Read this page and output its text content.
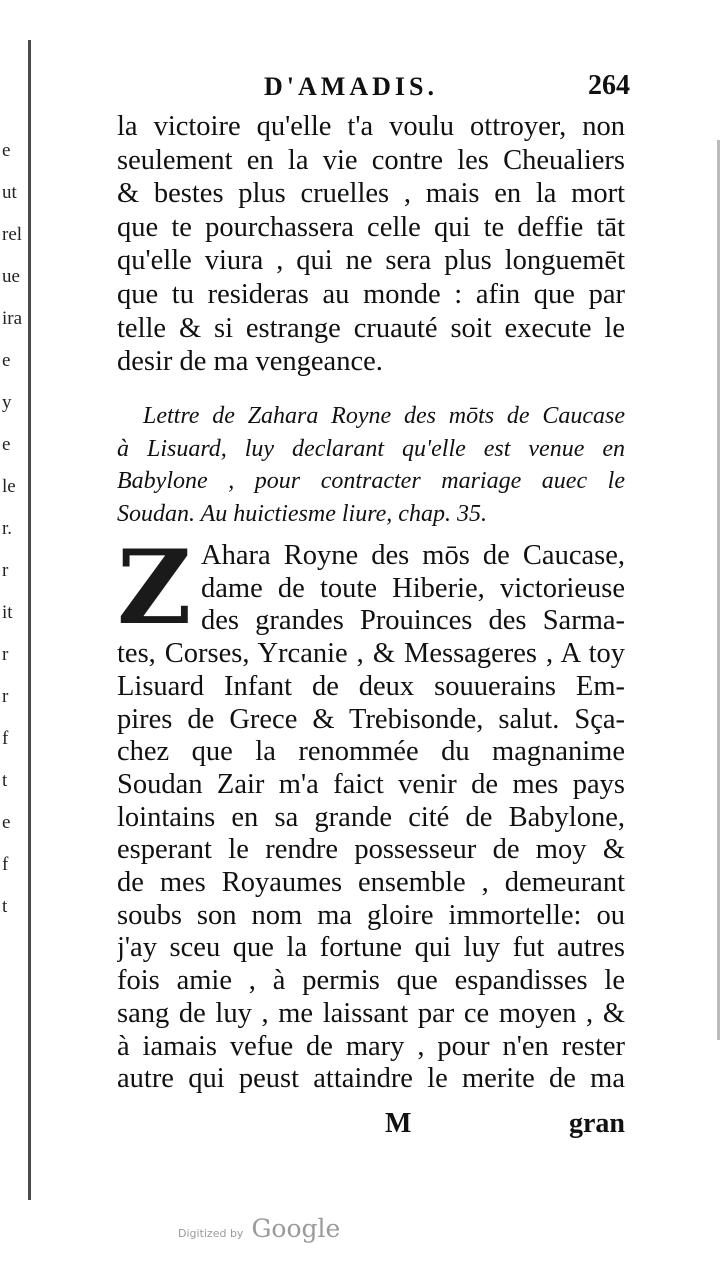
e
ut
rel
ue
ira
e
y
e
le
r.
r
it
r
r
f
t
e
f
t
D'AMADIS.	264
la victoire qu'elle t'a voulu ottroyer, non
seulement en la vie contre les Cheualiers
& bestes plus cruelles , mais en la mort
que te pourchassera celle qui te deffie tāt
qu'elle viura , qui ne sera plus longuemēt
que tu resideras au monde : afin que par
telle & si estrange cruauté soit execute le
desir de ma vengeance.
Lettre de Zahara Royne des mōts de Caucase
à Lisuard, luy declarant qu'elle est venue en
Babylone , pour contracter mariage auec le
Soudan. Au huictiesme liure, chap. 35.
Z Ahara Royne des mōs de Caucase,
dame de toute Hiberie, victorieuse
des grandes Prouinces des Sarma-
tes, Corses, Yrcanie , & Messageres , A toy
Lisuard Infant de deux souuerains Em-
pires de Grece & Trebisonde, salut. Sça-
chez que la renommée du magnanime
Soudan Zair m'a faict venir de mes pays
lointains en sa grande cité de Babylone,
esperant le rendre possesseur de moy &
de mes Royaumes ensemble , demeurant
soubs son nom ma gloire immortelle: ou
j'ay sceu que la fortune qui luy fut autres
fois amie , à permis que espandisses le
sang de luy , me laissant par ce moyen , &
à iamais vefue de mary , pour n'en rester
autre qui peust attaindre le merite de ma
M	gran
Digitized by Google
